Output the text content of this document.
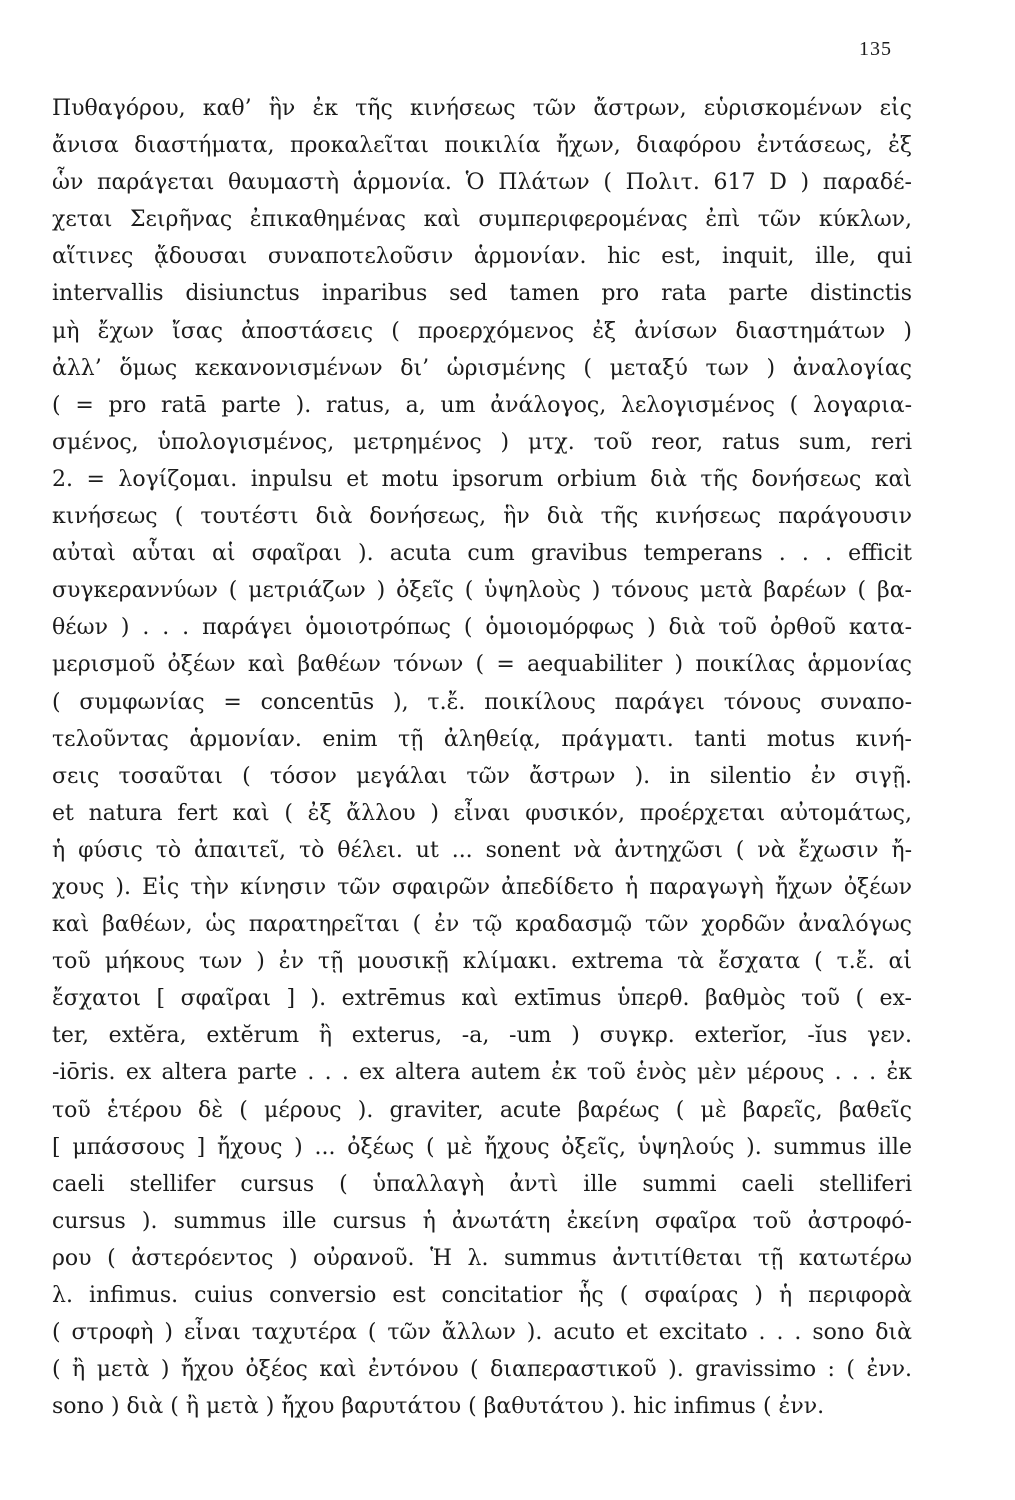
135
Πυθαγόρου, καθ’ ἣν ἐκ τῆς κινήσεως τῶν ἄστρων, εὑρισκομένων εἰς
ἄνισα διαστήματα, προκαλεῖται ποικιλία ἤχων, διαφόρου ἐντάσεως, ἐξ
ὧν παράγεται θαυμαστὴ ἁρμονία. Ὁ Πλάτων ( Πολιτ. 617 D ) παραδέ-
χεται Σειρῆνας ἐπικαθημένας καὶ συμπεριφερομένας ἐπὶ τῶν κύκλων,
αἵτινες ᾄδουσαι συναποτελοῦσιν ἁρμονίαν. hic est, inquit, ille, qui
intervallis disiunctus inparibus sed tamen pro rata parte distinctis
μὴ ἔχων ἴσας ἀποστάσεις ( προερχόμενος ἐξ ἀνίσων διαστημάτων )
ἀλλ’ ὅμως κεκανονισμένων δι’ ὡρισμένης ( μεταξύ των ) ἀναλογίας
( = pro ratā parte ). ratus, a, um ἀνάλογος, λελογισμένος ( λογαρια-
σμένος, ὑπολογισμένος, μετρημένος ) μτχ. τοῦ reor, ratus sum, reri
2. = λογίζομαι. inpulsu et motu ipsorum orbium διὰ τῆς δονήσεως καὶ
κινήσεως ( τουτέστι διὰ δονήσεως, ἣν διὰ τῆς κινήσεως παράγουσιν
αὐταὶ αὗται αἱ σφαῖραι ). acuta cum gravibus temperans . . . efficit
συγκεραννύων ( μετριάζων ) ὀξεῖς ( ὑψηλοὺς ) τόνους μετὰ βαρέων ( βα-
θέων ) . . . παράγει ὁμοιοτρόπως ( ὁμοιομόρφως ) διὰ τοῦ ὀρθοῦ κατα-
μερισμοῦ ὀξέων καὶ βαθέων τόνων ( = aequabiliter ) ποικίλας ἁρμονίας
( συμφωνίας = concentūs ), τ.ἔ. ποικίλους παράγει τόνους συναπο-
τελοῦντας ἁρμονίαν. enim τῇ ἀληθείᾳ, πράγματι. tanti motus κινή-
σεις τοσαῦται ( τόσον μεγάλαι τῶν ἄστρων ). in silentio ἐν σιγῇ.
et natura fert καὶ ( ἐξ ἄλλου ) εἶναι φυσικόν, προέρχεται αὐτομάτως,
ἡ φύσις τὸ ἀπαιτεῖ, τὸ θέλει. ut ... sonent νὰ ἀντηχῶσι ( νὰ ἔχωσιν ἤ-
χους ). Εἰς τὴν κίνησιν τῶν σφαιρῶν ἀπεδίδετο ἡ παραγωγὴ ἤχων ὀξέων
καὶ βαθέων, ὡς παρατηρεῖται ( ἐν τῷ κραδασμῷ τῶν χορδῶν ἀναλόγως
τοῦ μήκους των ) ἐν τῇ μουσικῇ κλίμακι. extrema τὰ ἔσχατα ( τ.ἔ. αἱ
ἔσχατοι [ σφαῖραι ] ). extrēmus καὶ extīmus ὑπερθ. βαθμὸς τοῦ ( ex-
ter, extĕra, extĕrum ἢ exterus, -a, -um ) συγκρ. exterĭor, -ĭus γεν.
-iōris. ex altera parte . . . ex altera autem ἐκ τοῦ ἑνὸς μὲν μέρους . . . ἐκ
τοῦ ἑτέρου δὲ ( μέρους ). graviter, acute βαρέως ( μὲ βαρεῖς, βαθεῖς
[ μπάσσους ] ἤχους ) ... ὀξέως ( μὲ ἤχους ὀξεῖς, ὑψηλούς ). summus ille
caeli stellifer cursus ( ὑπαλλαγὴ ἀντὶ ille summi caeli stelliferi
cursus ). summus ille cursus ἡ ἀνωτάτη ἐκείνη σφαῖρα τοῦ ἀστροφό-
ρου ( ἀστερόεντος ) οὐρανοῦ. Ἡ λ. summus ἀντιτίθεται τῇ κατωτέρω
λ. infimus. cuius conversio est concitatior ἧς ( σφαίρας ) ἡ περιφορὰ
( στροφὴ ) εἶναι ταχυτέρα ( τῶν ἄλλων ). acuto et excitato . . . sono διὰ
( ἢ μετὰ ) ἤχου ὀξέος καὶ ἐντόνου ( διαπεραστικοῦ ). gravissimo : ( ἐνν.
sono ) διὰ ( ἢ μετὰ ) ἤχου βαρυτάτου ( βαθυτάτου ). hic infimus ( ἐνν.
